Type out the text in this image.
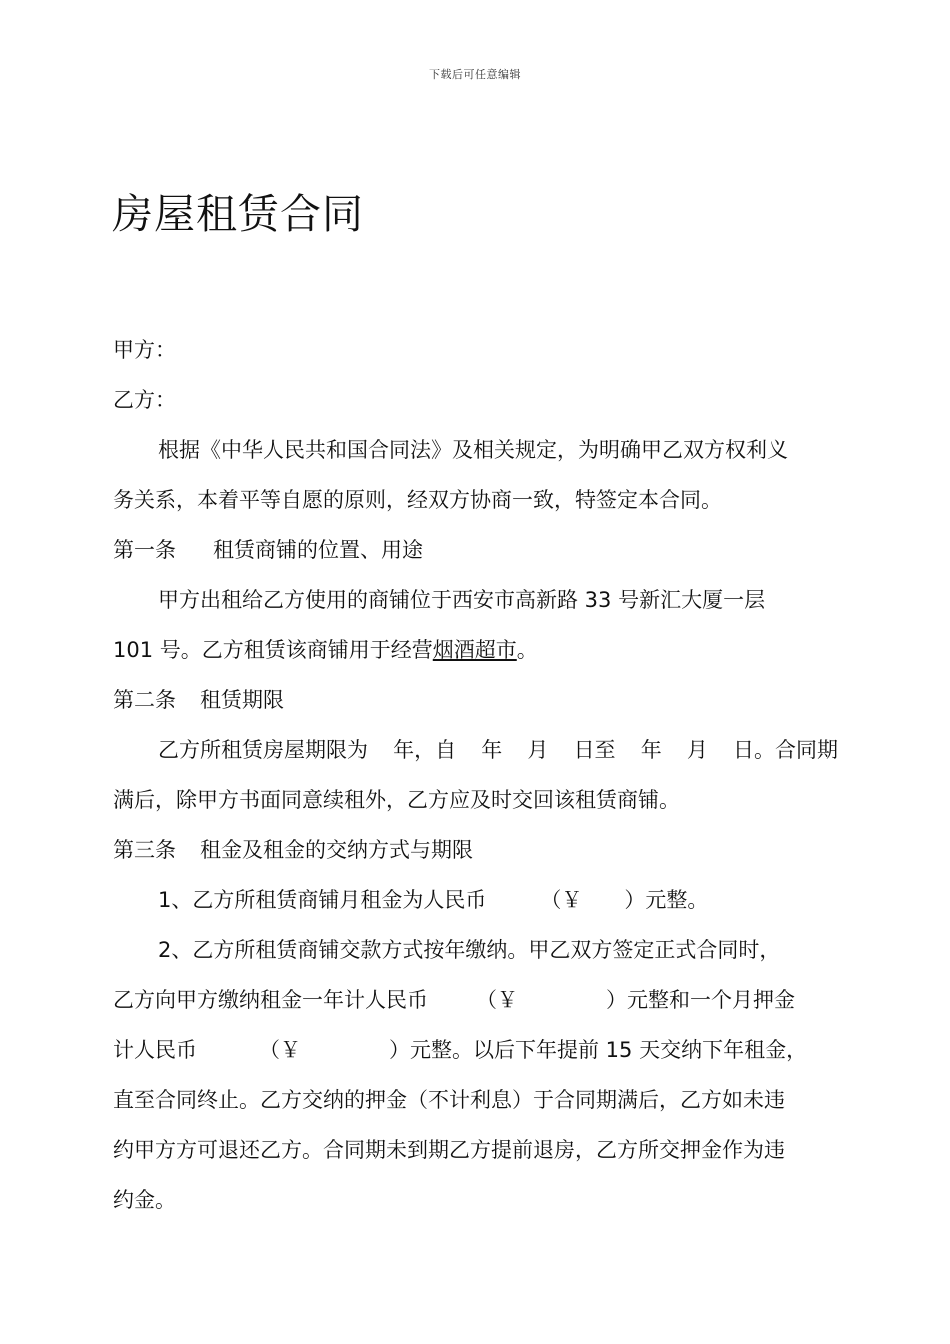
下载后可任意编辑
房屋租赁合同
甲方：
乙方：
根据《中华人民共和国合同法》及相关规定，为明确甲乙双方权利义
务关系，本着平等自愿的原则，经双方协商一致，特签定本合同。
第一条	租赁商铺的位置、用途
甲方出租给乙方使用的商铺位于西安市高新路 33 号新汇大厦一层
101 号。乙方租赁该商铺用于经营烟酒超市。
第二条	租赁期限
乙方所租赁房屋期限为 年，自 年 月 日至 年 月 日。合同期
满后，除甲方书面同意续租外，乙方应及时交回该租赁商铺。
第三条	租金及租金的交纳方式与期限
1、乙方所租赁商铺月租金为人民币	（￥ ）元整。
2、乙方所租赁商铺交款方式按年缴纳。甲乙双方签定正式合同时，
乙方向甲方缴纳租金一年计人民币 （￥	）元整和一个月押金
计人民币	（￥	）元整。以后下年提前 15 天交纳下年租金，
直至合同终止。乙方交纳的押金（不计利息）于合同期满后，乙方如未违
约甲方方可退还乙方。合同期未到期乙方提前退房，乙方所交押金作为违
约金。
